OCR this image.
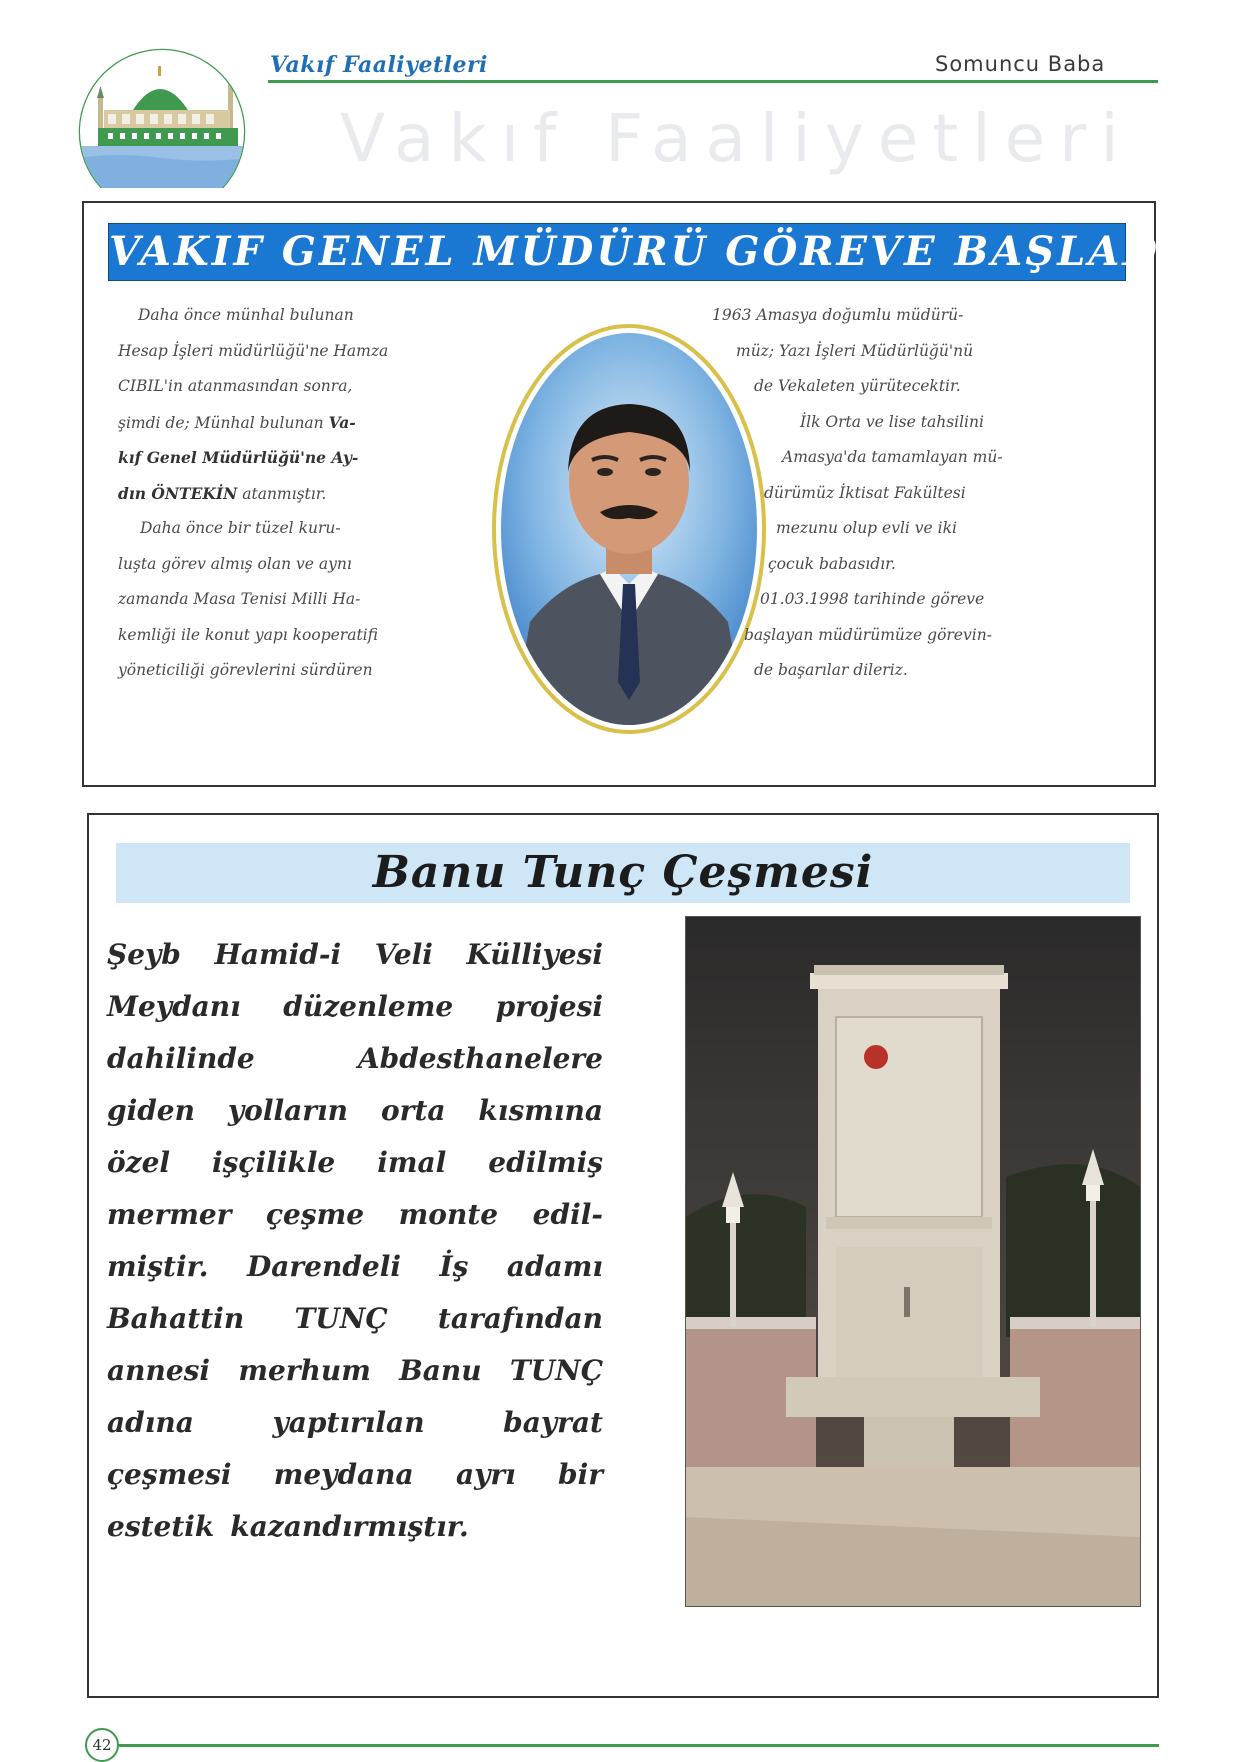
Vakıf Faaliyetleri
Vakıf Faaliyetleri	Somuncu Baba
VAKIF GENEL MÜDÜRÜ GÖREVE BAŞLADI
Daha önce münhal bulunan
Hesap İşleri müdürlüğü'ne Hamza
CIBIL'in atanmasından sonra,
şimdi de; Münhal bulunan Va-
kıf Genel Müdürlüğü'ne Ay-
dın ÖNTEKİN atanmıştır.
Daha önce bir tüzel kuru-
luşta görev almış olan ve aynı
zamanda Masa Tenisi Milli Ha-
kemliği ile konut yapı kooperatifi
yöneticiliği görevlerini sürdüren
1963 Amasya doğumlu müdürü-
müz; Yazı İşleri Müdürlüğü'nü
de Vekaleten yürütecektir.
İlk Orta ve lise tahsilini
Amasya'da tamamlayan mü-
dürümüz İktisat Fakültesi
mezunu olup evli ve iki
çocuk babasıdır.
01.03.1998 tarihinde göreve
başlayan müdürümüze görevin-
de başarılar dileriz.
Banu Tunç Çeşmesi
Şeyb Hamid-i Veli Külliyesi
Meydanı düzenleme projesi
dahilinde	Abdesthanelere
giden yolların orta kısmına
özel işçilikle imal edilmiş
mermer çeşme monte edil-
miştir. Darendeli İş adamı
Bahattin TUNÇ tarafından
annesi merhum Banu TUNÇ
adına	yaptırılan	bayrat
çeşmesi meydana ayrı bir
estetik kazandırmıştır.
42
